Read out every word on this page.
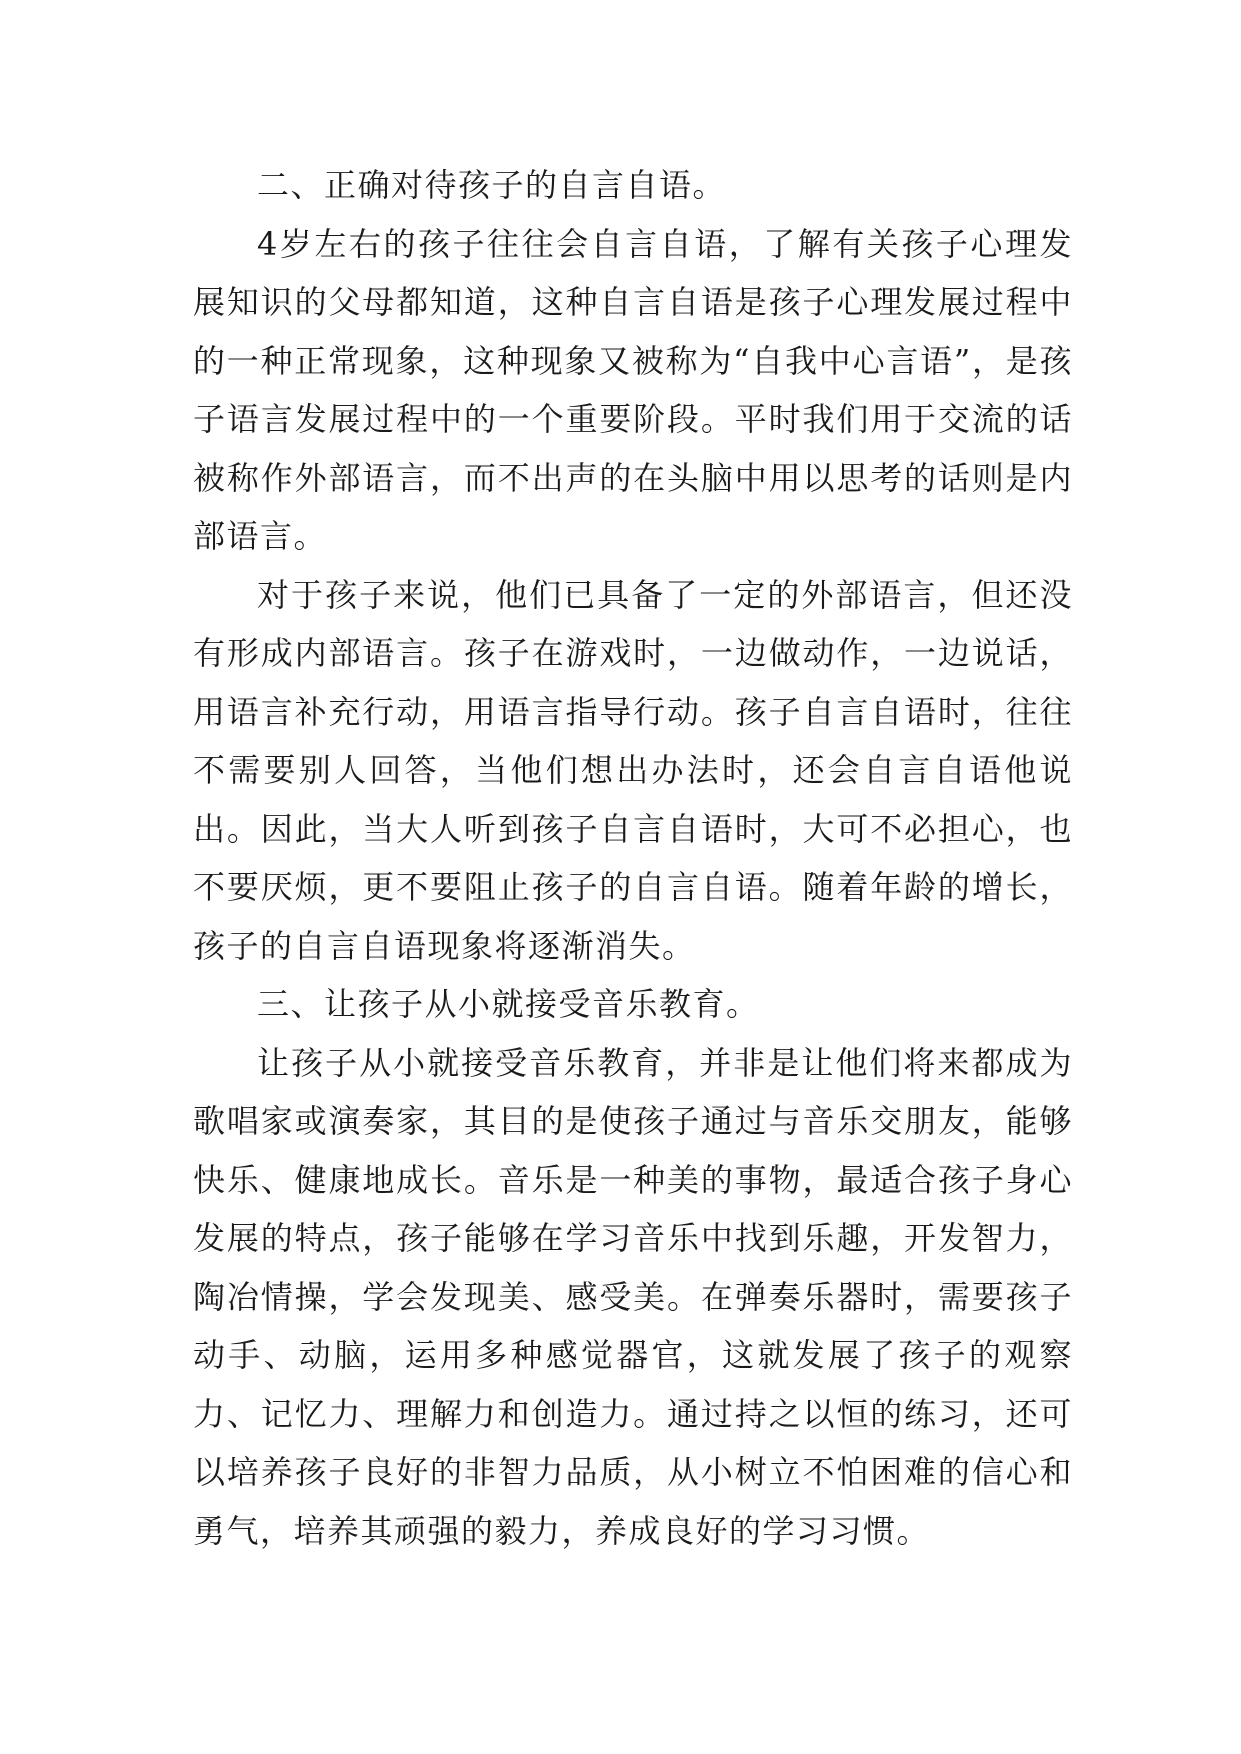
二、正确对待孩子的自言自语。

4岁左右的孩子往往会自言自语，了解有关孩子心理发展知识的父母都知道，这种自言自语是孩子心理发展过程中的一种正常现象，这种现象又被称为“自我中心言语”，是孩子语言发展过程中的一个重要阶段。平时我们用于交流的话被称作外部语言，而不出声的在头脑中用以思考的话则是内部语言。

对于孩子来说，他们已具备了一定的外部语言，但还没有形成内部语言。孩子在游戏时，一边做动作，一边说话，用语言补充行动，用语言指导行动。孩子自言自语时，往往不需要别人回答，当他们想出办法时，还会自言自语他说出。因此，当大人听到孩子自言自语时，大可不必担心，也不要厌烦，更不要阻止孩子的自言自语。随着年龄的增长，孩子的自言自语现象将逐渐消失。

三、让孩子从小就接受音乐教育。

让孩子从小就接受音乐教育，并非是让他们将来都成为歌唱家或演奏家，其目的是使孩子通过与音乐交朋友，能够快乐、健康地成长。音乐是一种美的事物，最适合孩子身心发展的特点，孩子能够在学习音乐中找到乐趣，开发智力，陶冶情操，学会发现美、感受美。在弹奏乐器时，需要孩子动手、动脑，运用多种感觉器官，这就发展了孩子的观察力、记忆力、理解力和创造力。通过持之以恒的练习，还可以培养孩子良好的非智力品质，从小树立不怕困难的信心和勇气，培养其顽强的毅力，养成良好的学习习惯。
